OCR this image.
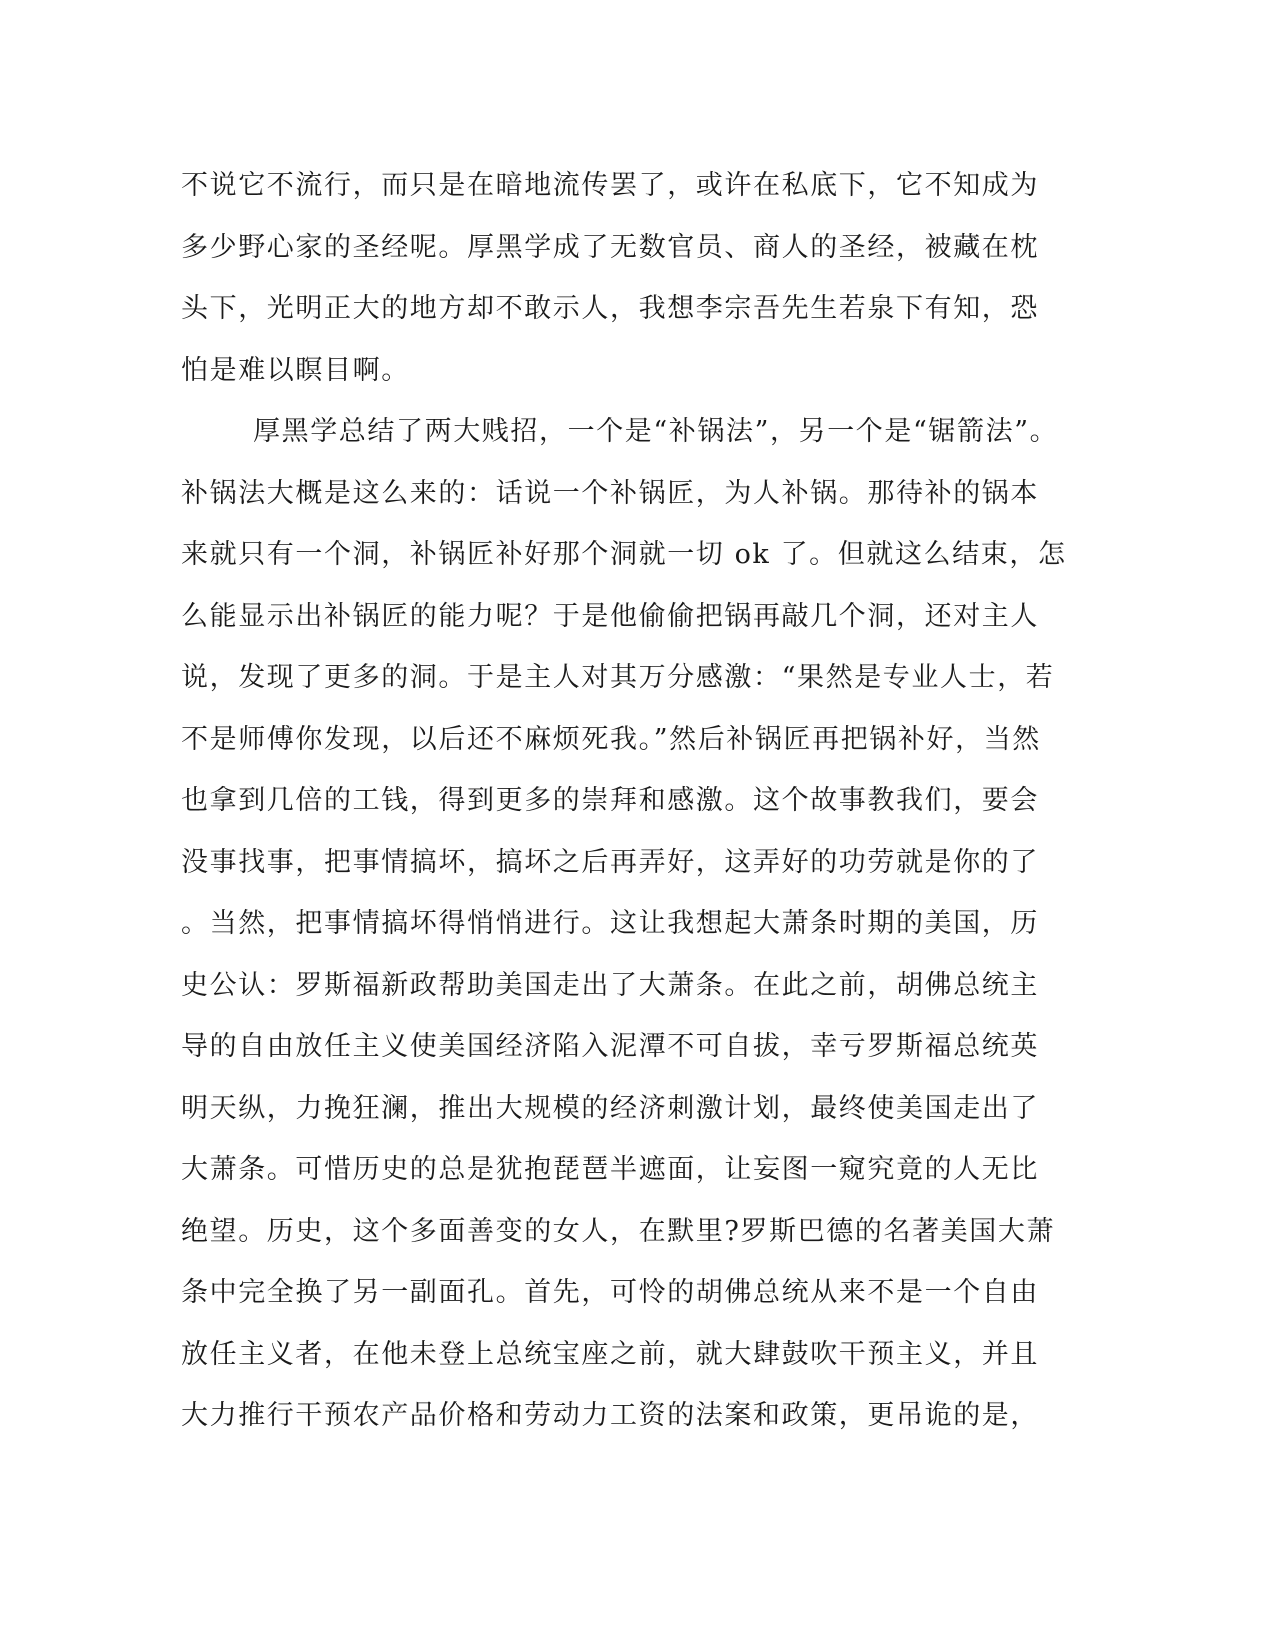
不说它不流行，而只是在暗地流传罢了，或许在私底下，它不知成为
多少野心家的圣经呢。厚黑学成了无数官员、商人的圣经，被藏在枕
头下，光明正大的地方却不敢示人，我想李宗吾先生若泉下有知，恐
怕是难以瞑目啊。
厚黑学总结了两大贱招，一个是“补锅法”，另一个是“锯箭法”。
补锅法大概是这么来的：话说一个补锅匠，为人补锅。那待补的锅本
来就只有一个洞，补锅匠补好那个洞就一切 ok 了。但就这么结束，怎
么能显示出补锅匠的能力呢？于是他偷偷把锅再敲几个洞，还对主人
说，发现了更多的洞。于是主人对其万分感激：“果然是专业人士，若
不是师傅你发现，以后还不麻烦死我。”然后补锅匠再把锅补好，当然
也拿到几倍的工钱，得到更多的崇拜和感激。这个故事教我们，要会
没事找事，把事情搞坏，搞坏之后再弄好，这弄好的功劳就是你的了
。当然，把事情搞坏得悄悄进行。这让我想起大萧条时期的美国，历
史公认：罗斯福新政帮助美国走出了大萧条。在此之前，胡佛总统主
导的自由放任主义使美国经济陷入泥潭不可自拔，幸亏罗斯福总统英
明天纵，力挽狂澜，推出大规模的经济刺激计划，最终使美国走出了
大萧条。可惜历史的总是犹抱琵琶半遮面，让妄图一窥究竟的人无比
绝望。历史，这个多面善变的女人，在默里?罗斯巴德的名著美国大萧
条中完全换了另一副面孔。首先，可怜的胡佛总统从来不是一个自由
放任主义者，在他未登上总统宝座之前，就大肆鼓吹干预主义，并且
大力推行干预农产品价格和劳动力工资的法案和政策，更吊诡的是，
